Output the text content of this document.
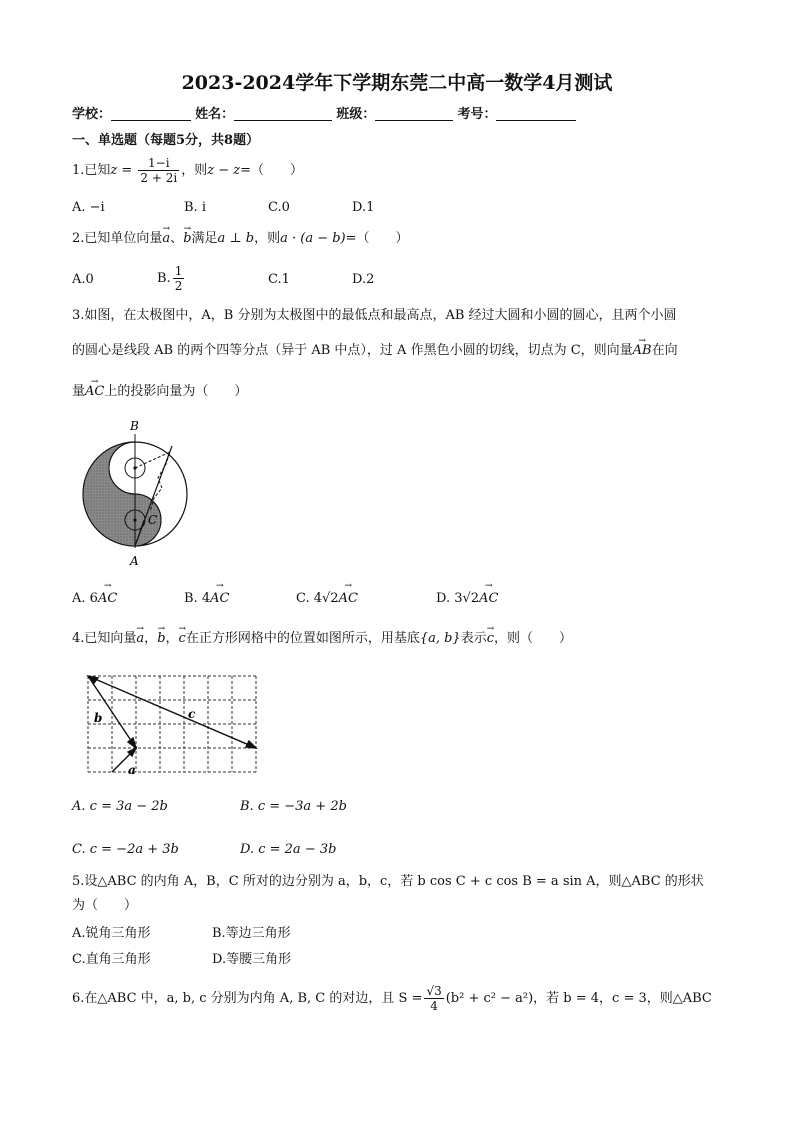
2023-2024学年下学期东莞二中高一数学4月测试
学校：	姓名：	班级：	考号：
一、单选题（每题5分，共8题）
1.已知$z = \frac{1-i}{2 + 2i}$ ，则z − z=（　　）
A. −i	B. i	C.0	D.1
2.已知单位向量→ a、→ b满足a ⊥ b，则a · (a − b)=（　　）
A.0	B. $\frac{1}{2}$	C.1	D.2
3.如图，在太极图中，A，B 分别为太极图中的最低点和最高点，AB 经过大圆和小圆的圆心，且两个小圆
的圆心是线段 AB 的两个四等分点（异于 AB 中点），过 A 作黑色小圆的切线，切点为 C，则向量→ AB在向
量→ AC上的投影向量为（　　）
B
A
C
A. 6→ AC	B. 4→ AC	C. 4√2→ AC	D. 3√2→ AC
4.已知向量→ a，→ b，→ c在正方形网格中的位置如图所示，用基底{a, b}表示→ c，则（　　）
b	c
a
A. c = 3a − 2b	B. c = −3a + 2b
C. c = −2a + 3b	D. c = 2a − 3b
5.设△ABC 的内角 A，B，C 所对的边分别为 a，b，c，若 b cos C + c cos B = a sin A，则△ABC 的形状
为（　　）
A.锐角三角形	B.等边三角形
C.直角三角形	D.等腰三角形
6.在△ABC 中，a, b, c 分别为内角 A, B, C 的对边，且 $S = \frac{√3}{4} (b^2 + c^2 - a^2)$，若 b = 4，c = 3，则△ABC
